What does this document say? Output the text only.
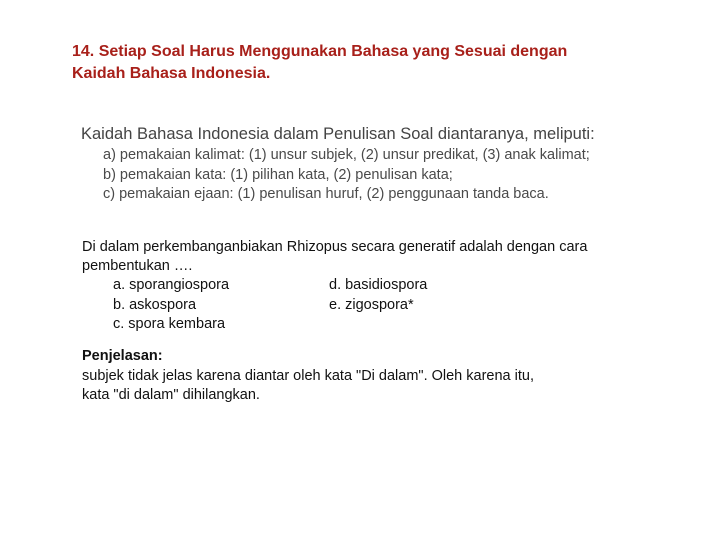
14. Setiap Soal Harus Menggunakan Bahasa yang Sesuai dengan
Kaidah Bahasa Indonesia.
Kaidah Bahasa Indonesia dalam Penulisan Soal diantaranya, meliputi:
a) pemakaian kalimat: (1) unsur subjek, (2) unsur predikat, (3) anak kalimat;
b) pemakaian kata: (1) pilihan kata, (2) penulisan kata;
c) pemakaian ejaan: (1) penulisan huruf, (2) penggunaan tanda baca.
Di dalam perkembanganbiakan Rhizopus secara generatif adalah dengan cara
pembentukan ….
a. sporangiospora	d. basidiospora
b. askospora	e. zigospora*
c. spora kembara
Penjelasan:
subjek tidak jelas karena diantar oleh kata "Di dalam". Oleh karena itu,
kata "di dalam" dihilangkan.
